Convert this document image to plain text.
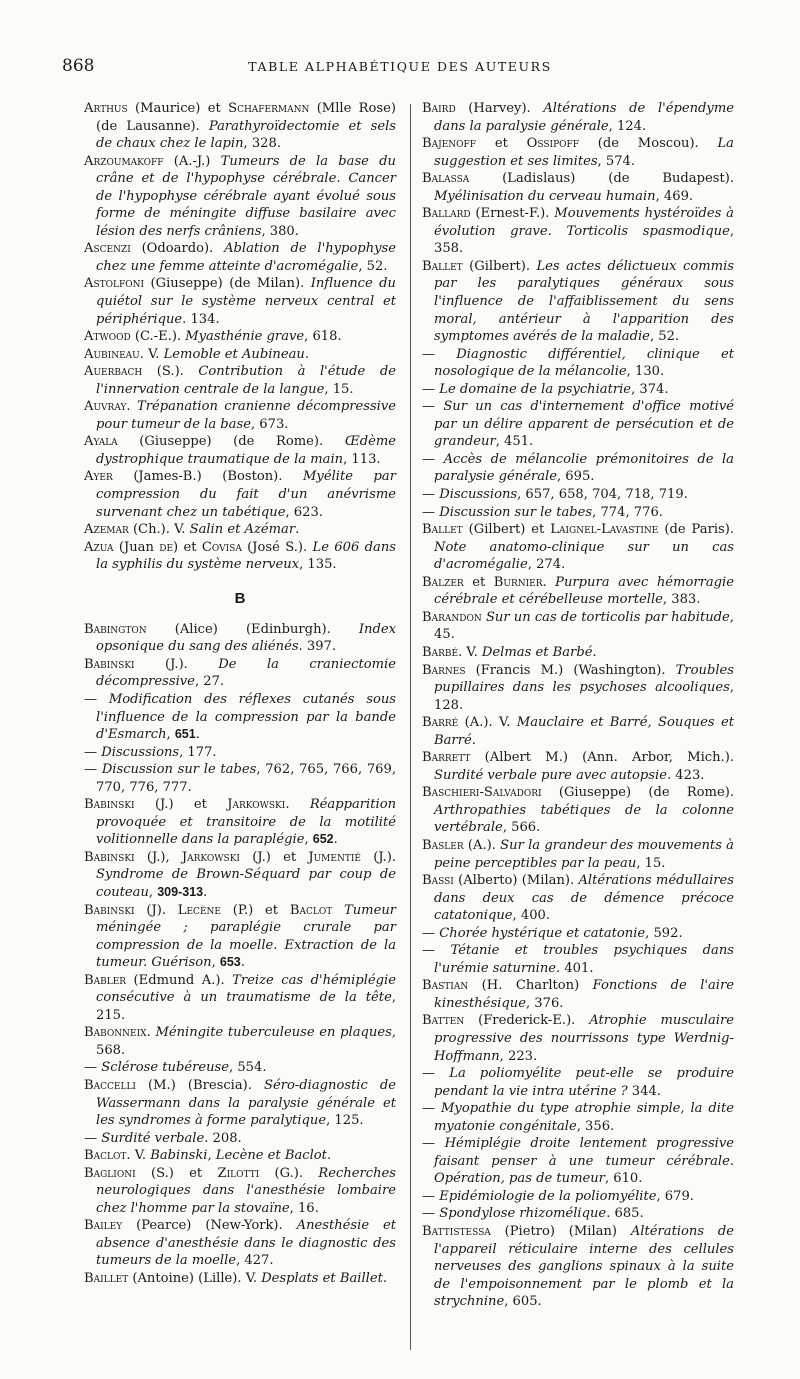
868	TABLE ALPHABÉTIQUE DES AUTEURS

Arthus (Maurice) et Schafermann (Mlle Rose) (de Lausanne). Parathyroïdectomie et sels de chaux chez le lapin, 328.

Arzoumakoff (A.-J.) Tumeurs de la base du crâne et de l'hypophyse cérébrale. Cancer de l'hypophyse cérébrale ayant évolué sous forme de méningite diffuse basilaire avec lésion des nerfs crâniens, 380.

Ascenzi (Odoardo). Ablation de l'hypophyse chez une femme atteinte d'acromégalie, 52.

Astolfoni (Giuseppe) (de Milan). Influence du quiétol sur le système nerveux central et périphérique. 134.

Atwood (C.-E.). Myasthénie grave, 618.

Aubineau. V. Lemoble et Aubineau.

Auerbach (S.). Contribution à l'étude de l'innervation centrale de la langue, 15.

Auvray. Trépanation cranienne décompressive pour tumeur de la base, 673.

Ayala (Giuseppe) (de Rome). Œdème dystrophique traumatique de la main, 113.

Ayer (James-B.) (Boston). Myélite par compression du fait d'un anévrisme survenant chez un tabétique, 623.

Azemar (Ch.). V. Salin et Azémar.

Azua (Juan de) et Covisa (José S.). Le 606 dans la syphilis du système nerveux, 135.

B

Babington (Alice) (Edinburgh). Index opsonique du sang des aliénés. 397.

Babinski (J.). De la craniectomie décompressive, 27.

— Modification des réflexes cutanés sous l'influence de la compression par la bande d'Esmarch, 651.

— Discussions, 177.

— Discussion sur le tabes, 762, 765, 766, 769, 770, 776, 777.

Babinski (J.) et Jarkowski. Réapparition provoquée et transitoire de la motilité volitionnelle dans la paraplégie, 652.

Babinski (J.), Jarkowski (J.) et Jumentié (J.). Syndrome de Brown-Séquard par coup de couteau, 309-313.

Babinski (J). Lecène (P.) et Baclot Tumeur méningée ; paraplégie crurale par compression de la moelle. Extraction de la tumeur. Guérison, 653.

Babler (Edmund A.). Treize cas d'hémiplégie consécutive à un traumatisme de la tête, 215.

Babonneix. Méningite tuberculeuse en plaques, 568.

— Sclérose tubéreuse, 554.

Baccelli (M.) (Brescia). Séro-diagnostic de Wassermann dans la paralysie générale et les syndromes à forme paralytique, 125.

— Surdité verbale. 208.

Baclot. V. Babinski, Lecène et Baclot.

Baglioni (S.) et Zilotti (G.). Recherches neurologiques dans l'anesthésie lombaire chez l'homme par la stovaïne, 16.

Bailey (Pearce) (New-York). Anesthésie et absence d'anesthésie dans le diagnostic des tumeurs de la moelle, 427.

Baillet (Antoine) (Lille). V. Desplats et Baillet.

Baird (Harvey). Altérations de l'épendyme dans la paralysie générale, 124.

Bajenoff et Ossipoff (de Moscou). La suggestion et ses limites, 574.

Balassa (Ladislaus) (de Budapest). Myélinisation du cerveau humain, 469.

Ballard (Ernest-F.). Mouvements hystéroïdes à évolution grave. Torticolis spasmodique, 358.

Ballet (Gilbert). Les actes délictueux commis par les paralytiques généraux sous l'influence de l'affaiblissement du sens moral, antérieur à l'apparition des symptomes avérés de la maladie, 52.

— Diagnostic différentiel, clinique et nosologique de la mélancolie, 130.

— Le domaine de la psychiatrie, 374.

— Sur un cas d'internement d'office motivé par un délire apparent de persécution et de grandeur, 451.

— Accès de mélancolie prémonitoires de la paralysie générale, 695.

— Discussions, 657, 658, 704, 718, 719.

— Discussion sur le tabes, 774, 776.

Ballet (Gilbert) et Laignel-Lavastine (de Paris). Note anatomo-clinique sur un cas d'acromégalie, 274.

Balzer et Burnier. Purpura avec hémorragie cérébrale et cérébelleuse mortelle, 383.

Barandon Sur un cas de torticolis par habitude, 45.

Barbé. V. Delmas et Barbé.

Barnes (Francis M.) (Washington). Troubles pupillaires dans les psychoses alcooliques, 128.

Barré (A.). V. Mauclaire et Barré, Souques et Barré.

Barrett (Albert M.) (Ann. Arbor, Mich.). Surdité verbale pure avec autopsie. 423.

Baschieri-Salvadori (Giuseppe) (de Rome). Arthropathies tabétiques de la colonne vertébrale, 566.

Basler (A.). Sur la grandeur des mouvements à peine perceptibles par la peau, 15.

Bassi (Alberto) (Milan). Altérations médullaires dans deux cas de démence précoce catatonique, 400.

— Chorée hystérique et catatonie, 592.

— Tétanie et troubles psychiques dans l'urémie saturnine. 401.

Bastian (H. Charlton) Fonctions de l'aire kinesthésique, 376.

Batten (Frederick-E.). Atrophie musculaire progressive des nourrissons type Werdnig-Hoffmann, 223.

— La poliomyélite peut-elle se produire pendant la vie intra utérine ? 344.

— Myopathie du type atrophie simple, la dite myatonie congénitale, 356.

— Hémiplégie droite lentement progressive faisant penser à une tumeur cérébrale. Opération, pas de tumeur, 610.

— Epidémiologie de la poliomyélite, 679.

— Spondylose rhizomélique. 685.

Battistessa (Pietro) (Milan) Altérations de l'appareil réticulaire interne des cellules nerveuses des ganglions spinaux à la suite de l'empoisonnement par le plomb et la strychnine, 605.
